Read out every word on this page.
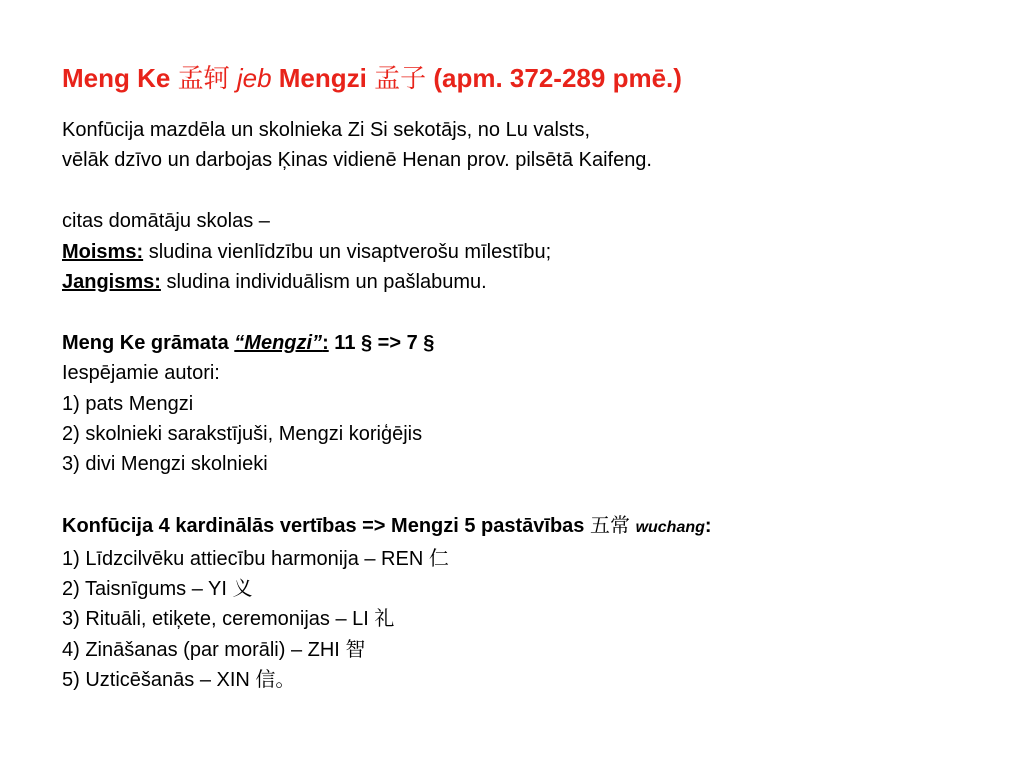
Meng Ke 孟轲 jeb Mengzi 孟子 (apm. 372-289 pmē.)
Konfūcija mazdēla un skolnieka Zi Si sekotājs, no Lu valsts,
vēlāk dzīvo un darbojas Ķinas vidienē Henan prov. pilsētā Kaifeng.
citas domātāju skolas –
Moisms: sludina vienlīdzību un visaptverošu mīlestību;
Jangisms: sludina individuālism un pašlabumu.
Meng Ke grāmata “Mengzi”: 11 § => 7 §
Iespējamie autori:
1) pats Mengzi
2) skolnieki sarakstījuši, Mengzi koriģējis
3) divi Mengzi skolnieki
Konfūcija 4 kardinālās vertības => Mengzi 5 pastāvības 五常 wuchang:
1) Līdzcilvēku attiecību harmonija – REN 仁
2) Taisnīgums – YI 义
3) Rituāli, etiķete, ceremonijas – LI 礼
4) Zināšanas (par morāli) – ZHI 智
5) Uzticēšanās – XIN 信。
